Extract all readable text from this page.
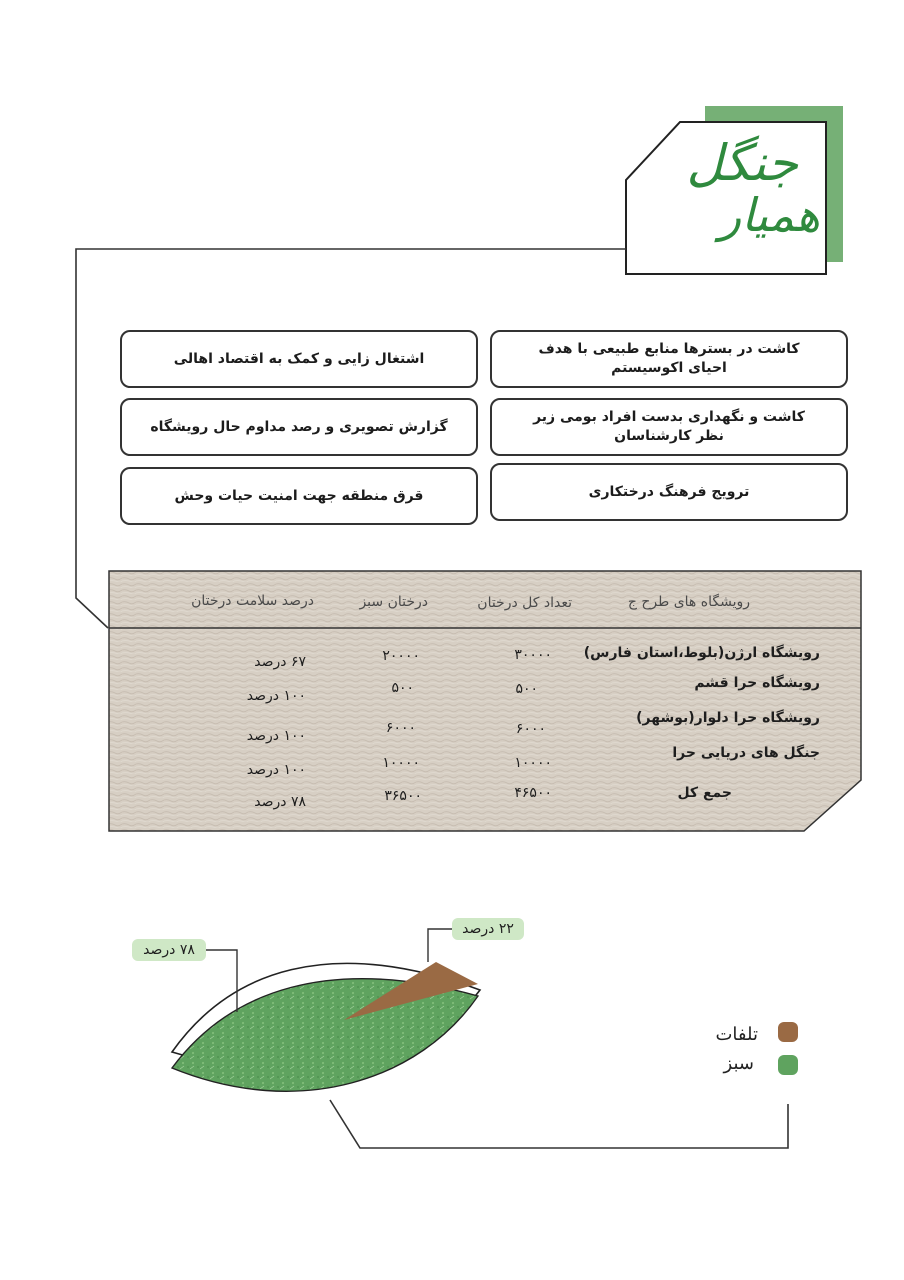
جنگل
همیار
کاشت در بسترها منابع طبیعی با هدف احیای اکوسیستم
اشتغال زایی و کمک به اقتصاد اهالی
کاشت و نگهداری بدست افراد بومی زیر نظر کارشناسان
گزارش تصویری و رصد مداوم حال رویشگاه
ترویج فرهنگ درختکاری
قرق منطقه جهت امنیت حیات وحش
رویشگاه های طرح ج
تعداد کل درختان
درختان سبز
درصد سلامت درختان
رویشگاه ارژن(بلوط،استان فارس)
۳۰۰۰۰
۲۰۰۰۰
۶۷ درصد
رویشگاه حرا قشم
۵۰۰
۵۰۰
۱۰۰ درصد
رویشگاه حرا دلوار(بوشهر)
۶۰۰۰
۶۰۰۰
۱۰۰ درصد
جنگل های دریایی حرا
۱۰۰۰۰
۱۰۰۰۰
۱۰۰ درصد
جمع کل
۴۶۵۰۰
۳۶۵۰۰
۷۸ درصد
۷۸ درصد
۲۲ درصد
تلفات
سبز
